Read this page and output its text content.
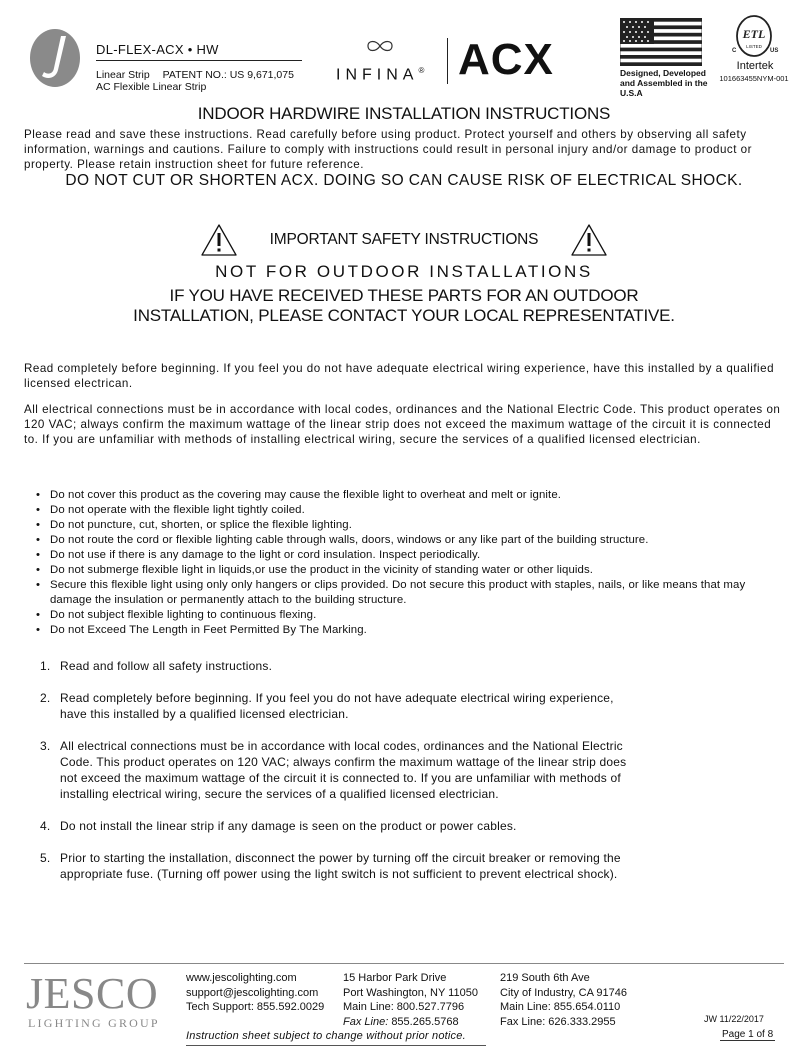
DL-FLEX-ACX • HW
Linear Strip PATENT NO.: US 9,671,075
AC Flexible Linear Strip
INFINA® ACX	Designed, Developed and Assembled in the U.S.A
ETL
LISTED
C	US
Intertek
101663455NYM-001
INDOOR HARDWIRE INSTALLATION INSTRUCTIONS
Please read and save these instructions. Read carefully before using product. Protect yourself and others by observing all safety information, warnings and cautions. Failure to comply with instructions could result in personal injury and/or damage to product or property. Please retain instruction sheet for future reference.
DO NOT CUT OR SHORTEN ACX. DOING SO CAN CAUSE RISK OF ELECTRICAL SHOCK.
IMPORTANT SAFETY INSTRUCTIONS
NOT FOR OUTDOOR INSTALLATIONS
IF YOU HAVE RECEIVED THESE PARTS FOR AN OUTDOOR
INSTALLATION, PLEASE CONTACT YOUR LOCAL REPRESENTATIVE.
Read completely before beginning. If you feel you do not have adequate electrical wiring experience, have this installed by a qualified licensed electrican.
All electrical connections must be in accordance with local codes, ordinances and the National Electric Code. This product operates on 120 VAC; always confirm the maximum wattage of the linear strip does not exceed the maximum wattage of the circuit it is connected to. If you are unfamiliar with methods of installing electrical wiring, secure the services of a qualified licensed electrician.
• Do not cover this product as the covering may cause the flexible light to overheat and melt or ignite.
• Do not operate with the flexible light tightly coiled.
• Do not puncture, cut, shorten, or splice the flexible lighting.
• Do not route the cord or flexible lighting cable through walls, doors, windows or any like part of the building structure.
• Do not use if there is any damage to the light or cord insulation. Inspect periodically.
• Do not submerge flexible light in liquids,or use the product in the vicinity of standing water or other liquids.
• Secure this flexible light using only only hangers or clips provided. Do not secure this product with staples, nails, or like means that may damage the insulation or permanently attach to the building structure.
• Do not subject flexible lighting to continuous flexing.
• Do not Exceed The Length in Feet Permitted By The Marking.
1. Read and follow all safety instructions.
2. Read completely before beginning. If you feel you do not have adequate electrical wiring experience, have this installed by a qualified licensed electrician.
3. All electrical connections must be in accordance with local codes, ordinances and the National Electric Code. This product operates on 120 VAC; always confirm the maximum wattage of the linear strip does not exceed the maximum wattage of the circuit it is connected to. If you are unfamiliar with methods of installing electrical wiring, secure the services of a qualified licensed electrician.
4. Do not install the linear strip if any damage is seen on the product or power cables.
5. Prior to starting the installation, disconnect the power by turning off the circuit breaker or removing the appropriate fuse. (Turning off power using the light switch is not sufficient to prevent electrical shock).
JESCO
LIGHTING GROUP
www.jescolighting.com
support@jescolighting.com
Tech Support: 855.592.0029
15 Harbor Park Drive
Port Washington, NY 11050
Main Line: 800.527.7796
Fax Line: 855.265.5768
219 South 6th Ave
City of Industry, CA 91746
Main Line: 855.654.0110
Fax Line: 626.333.2955	JW 11/22/2017
Instruction sheet subject to change without prior notice.	Page 1 of 8
